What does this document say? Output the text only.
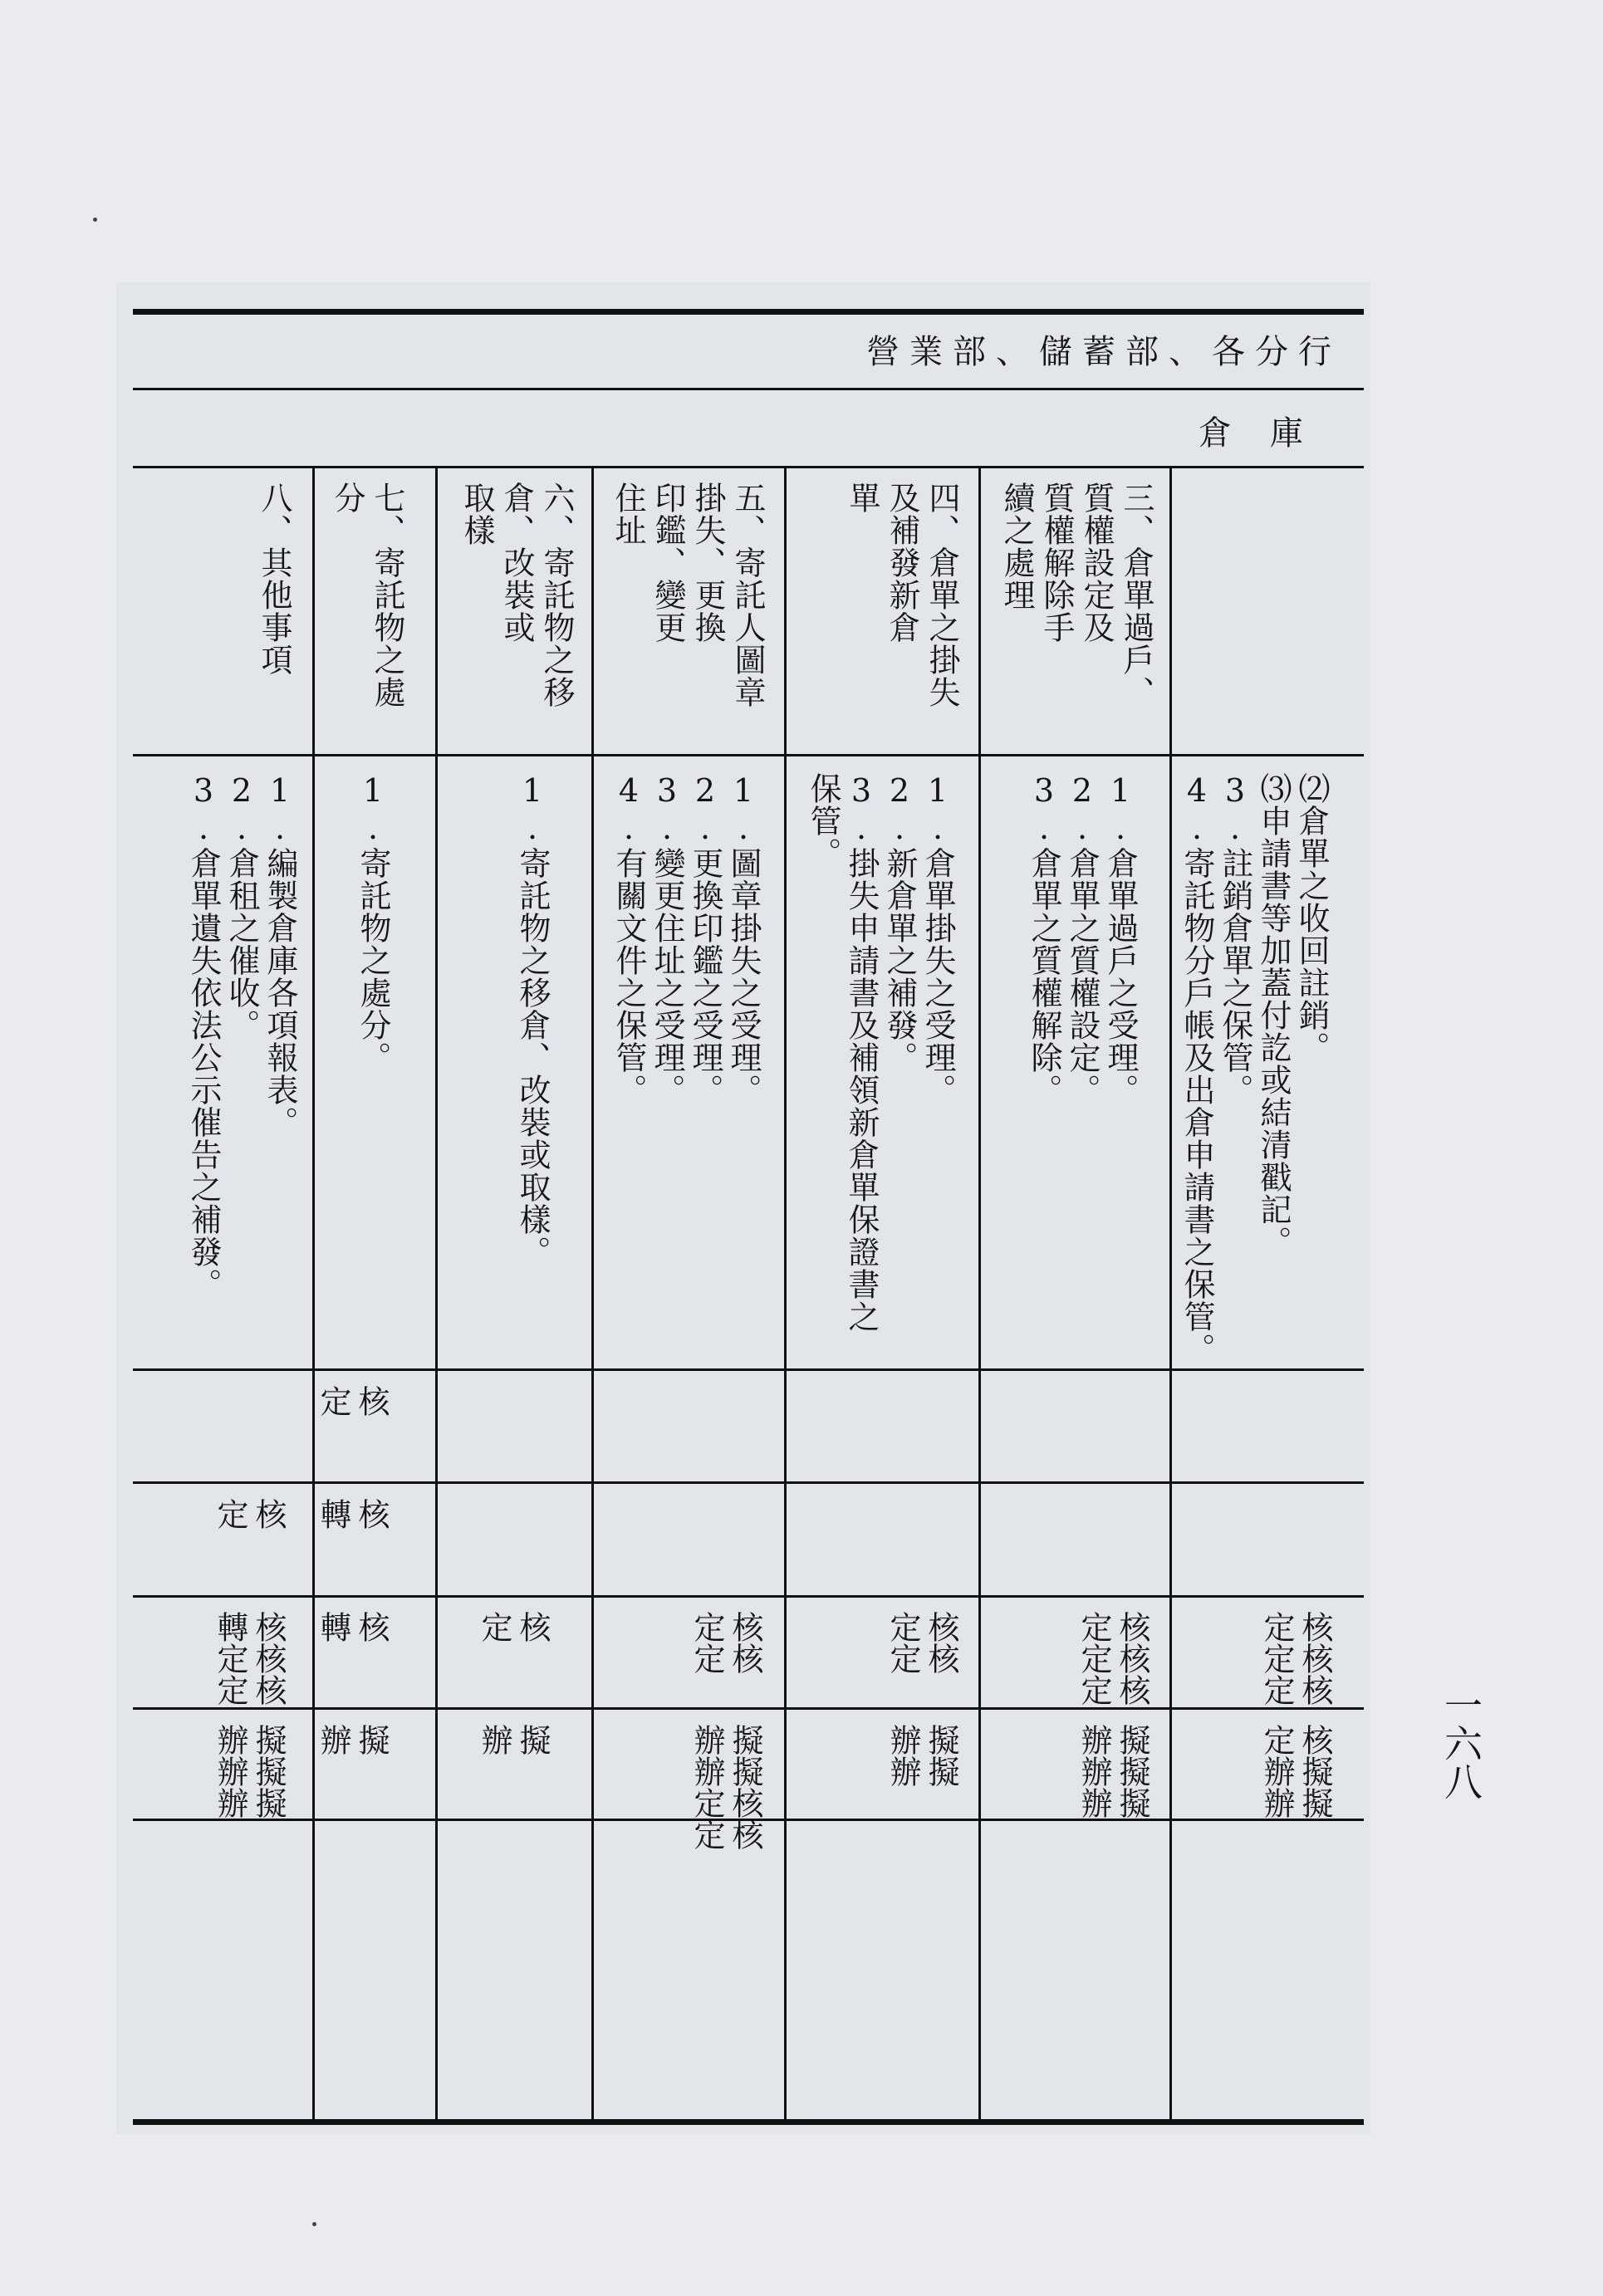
營業部、儲蓄部、各分行
倉庫
⑵倉單之收回註銷。
⑶申請書等加蓋付訖或結清戳記。
3.註銷倉單之保管。
4.寄託物分戶帳及出倉申請書之保管。
核核核
定定定
核擬擬
定辦辦
三、倉單過戶、
質權設定及
質權解除手
續之處理
1.倉單過戶之受理。
2.倉單之質權設定。
3.倉單之質權解除。
核核核
定定定
擬擬擬
辦辦辦
四、倉單之掛失
及補發新倉
單
1.倉單掛失之受理。
2.新倉單之補發。
3.掛失申請書及補領新倉單保證書之
保管。
核核
定定
擬擬
辦辦
五、寄託人圖章
掛失、更換
印鑑、變更
住址
1.圖章掛失之受理。
2.更換印鑑之受理。
3.變更住址之受理。
4.有關文件之保管。
核核
定定
擬擬核核
辦辦定定
六、寄託物之移
倉、改裝或
取樣
1.寄託物之移倉、改裝或取樣。
核
定
擬
辦
七、寄託物之處
分
1.寄託物之處分。
核
定
核
轉
核
轉
擬
辦
八、其他事項
1.編製倉庫各項報表。
2.倉租之催收。
3.倉單遺失依法公示催告之補發。
核
定
核核核
轉定定
擬擬擬
辦辦辦	一六八
